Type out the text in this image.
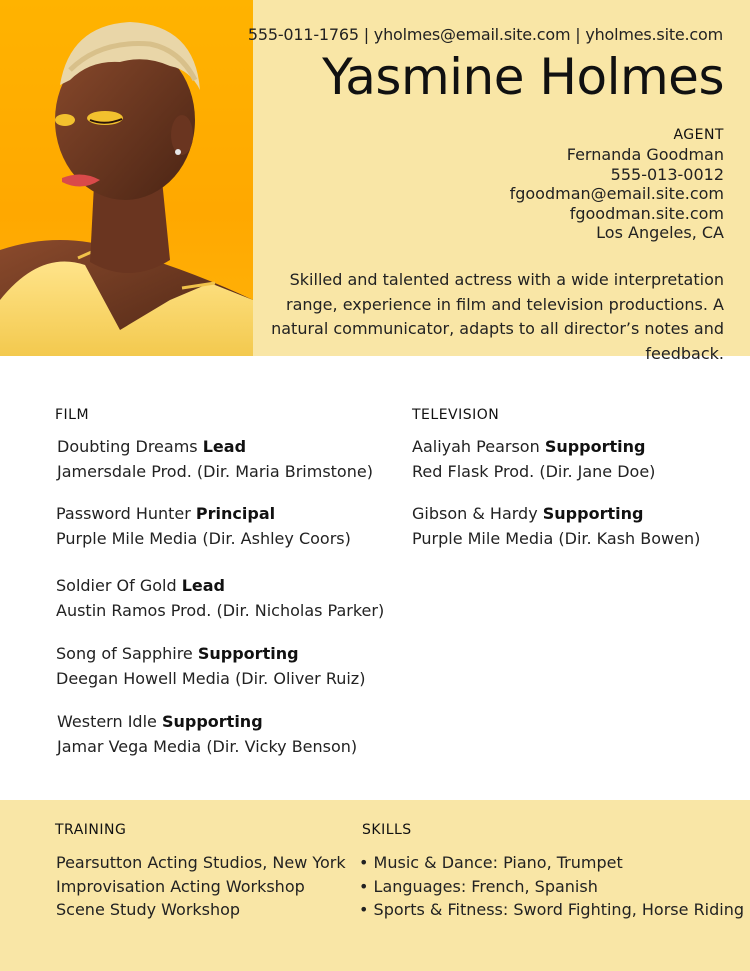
555-011-1765 | yholmes@email.site.com | yholmes.site.com
Yasmine Holmes
AGENT
Fernanda Goodman
555-013-0012
fgoodman@email.site.com
fgoodman.site.com
Los Angeles, CA
Skilled and talented actress with a wide interpretation range, experience in film and television productions. A natural communicator, adapts to all director’s notes and feedback.
FILM
Doubting Dreams Lead
Jamersdale Prod. (Dir. Maria Brimstone)
Password Hunter Principal
Purple Mile Media (Dir. Ashley Coors)
Soldier Of Gold Lead
Austin Ramos Prod. (Dir. Nicholas Parker)
Song of Sapphire Supporting
Deegan Howell Media (Dir. Oliver Ruiz)
Western Idle Supporting
Jamar Vega Media (Dir. Vicky Benson)
TELEVISION
Aaliyah Pearson Supporting
Red Flask Prod. (Dir. Jane Doe)
Gibson & Hardy Supporting
Purple Mile Media (Dir. Kash Bowen)
TRAINING
Pearsutton Acting Studios, New York
Improvisation Acting Workshop
Scene Study Workshop
SKILLS
• Music & Dance: Piano, Trumpet
• Languages: French, Spanish
• Sports & Fitness: Sword Fighting, Horse Riding
